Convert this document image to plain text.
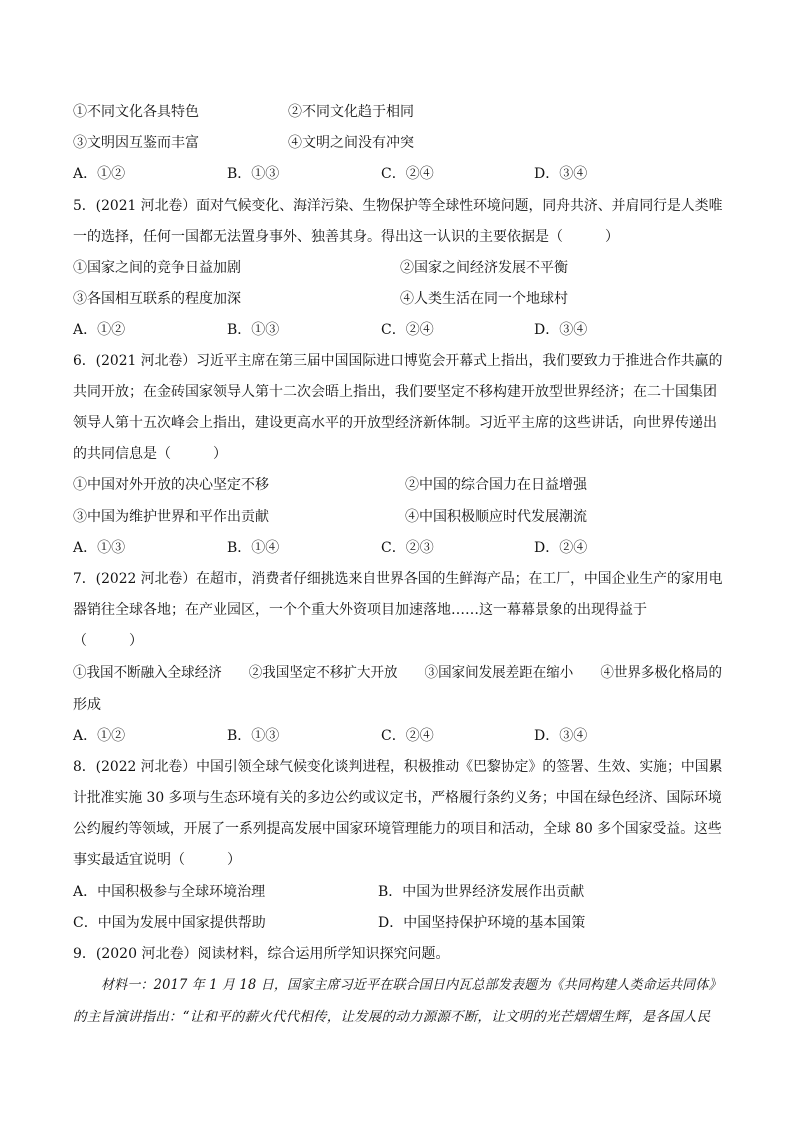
①不同文化各具特色	②不同文化趋于相同
③文明因互鉴而丰富	④文明之间没有冲突
A．①②	B．①③	C．②④	D．③④
5．(2021 河北卷）面对气候变化、海洋污染、生物保护等全球性环境问题，同舟共济、并肩同行是人类唯
一的选择，任何一国都无法置身事外、独善其身。得出这一认识的主要依据是（　　　）
①国家之间的竞争日益加剧	②国家之间经济发展不平衡
③各国相互联系的程度加深	④人类生活在同一个地球村
A．①②	B．①③	C．②④	D．③④
6．(2021 河北卷）习近平主席在第三届中国国际进口博览会开幕式上指出，我们要致力于推进合作共赢的
共同开放；在金砖国家领导人第十二次会晤上指出，我们要坚定不移构建开放型世界经济；在二十国集团
领导人第十五次峰会上指出，建设更高水平的开放型经济新体制。习近平主席的这些讲话，向世界传递出
的共同信息是（　　　）
①中国对外开放的决心坚定不移	②中国的综合国力在日益增强
③中国为维护世界和平作出贡献	④中国积极顺应时代发展潮流
A．①③	B．①④	C．②③	D．②④
7．(2022 河北卷）在超市，消费者仔细挑选来自世界各国的生鲜海产品；在工厂，中国企业生产的家用电
器销往全球各地；在产业园区，一个个重大外资项目加速落地……这一幕幕景象的出现得益于
（　　　）
①我国不断融入全球经济　　②我国坚定不移扩大开放　　③国家间发展差距在缩小　　④世界多极化格局的
形成
A．①②	B．①③	C．②④	D．③④
8．(2022 河北卷）中国引领全球气候变化谈判进程，积极推动《巴黎协定》的签署、生效、实施；中国累
计批准实施 30 多项与生态环境有关的多边公约或议定书，严格履行条约义务；中国在绿色经济、国际环境
公约履约等领域，开展了一系列提高发展中国家环境管理能力的项目和活动，全球 80 多个国家受益。这些
事实最适宜说明（　　　）
A．中国积极参与全球环境治理	B．中国为世界经济发展作出贡献
C．中国为发展中国家提供帮助	D．中国坚持保护环境的基本国策
9．(2020 河北卷）阅读材料，综合运用所学知识探究问题。
材料一：2017 年 1 月 18 日，国家主席习近平在联合国日内瓦总部发表题为《共同构建人类命运共同体》
的主旨演讲指出：“让和平的薪火代代相传，让发展的动力源源不断，让文明的光芒熠熠生辉，是各国人民
